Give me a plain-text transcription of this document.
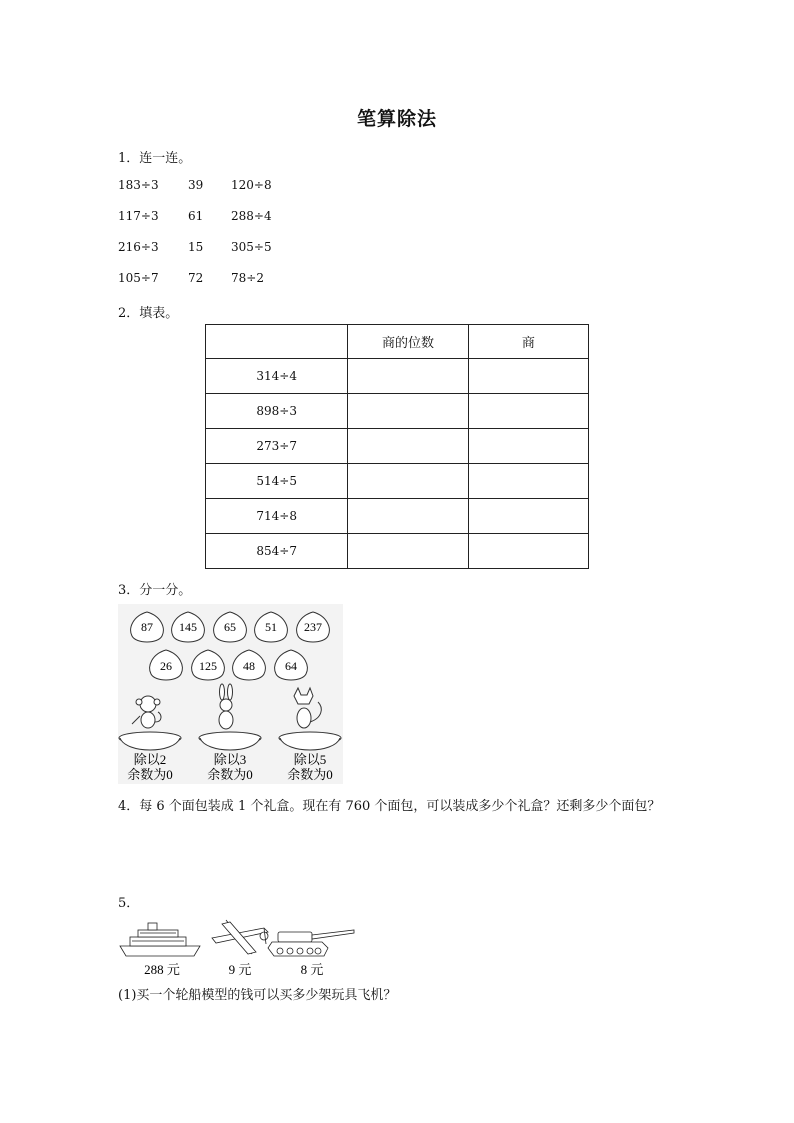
笔算除法
1．连一连。
183÷3 39 120÷8
117÷3 61 288÷4
216÷3 15 305÷5
105÷7 72 78÷2
2．填表。
	商的位数	商
314÷4		
898÷3		
273÷7		
514÷5		
714÷8		
854÷7		
3．分一分。
87 145 65 51 237
26 125 48	64
除以2
余数为0
除以3
余数为0
除以5
余数为0
4．每 6 个面包装成 1 个礼盒。现在有 760 个面包，可以装成多少个礼盒？还剩多少个面包？
5．
288 元	9 元	8 元
(1)买一个轮船模型的钱可以买多少架玩具飞机？
